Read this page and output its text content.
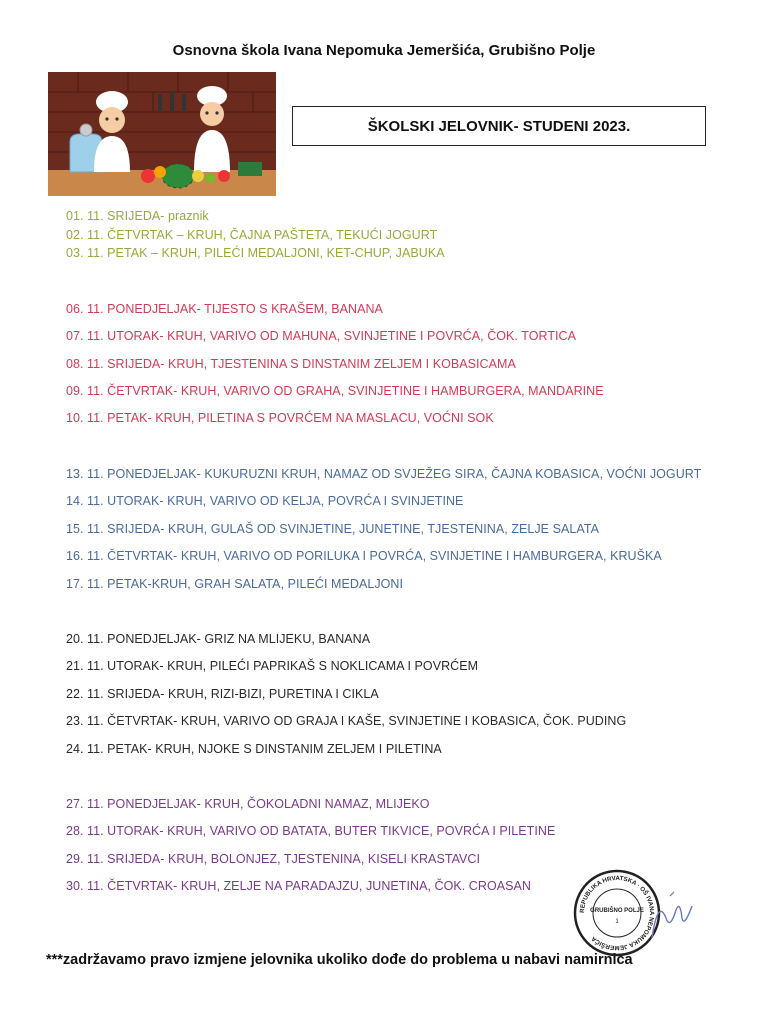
Osnovna škola Ivana Nepomuka Jemeršića, Grubišno Polje
ŠKOLSKI JELOVNIK- STUDENI 2023.
01. 11. SRIJEDA- praznik
02. 11. ČETVRTAK – KRUH, ČAJNA PAŠTETA, TEKUĆI JOGURT
03. 11. PETAK – KRUH, PILEĆI MEDALJONI, KET-CHUP, JABUKA
06. 11. PONEDJELJAK- TIJESTO S KRAŠEM, BANANA
07. 11. UTORAK- KRUH, VARIVO OD MAHUNA, SVINJETINE I POVRĆA, ČOK. TORTICA
08. 11. SRIJEDA- KRUH, TJESTENINA S DINSTANIM ZELJEM I KOBASICAMA
09. 11. ČETVRTAK- KRUH, VARIVO OD GRAHA, SVINJETINE I HAMBURGERA, MANDARINE
10. 11. PETAK- KRUH, PILETINA S POVRĆEM NA MASLACU, VOĆNI SOK
13. 11. PONEDJELJAK- KUKURUZNI KRUH, NAMAZ OD SVJEŽEG SIRA, ČAJNA KOBASICA, VOĆNI JOGURT
14. 11. UTORAK- KRUH, VARIVO OD KELJA, POVRĆA I SVINJETINE
15. 11. SRIJEDA- KRUH, GULAŠ OD SVINJETINE, JUNETINE, TJESTENINA, ZELJE SALATA
16. 11. ČETVRTAK- KRUH, VARIVO OD PORILUKA I POVRĆA, SVINJETINE I HAMBURGERA, KRUŠKA
17. 11. PETAK-KRUH, GRAH SALATA, PILEĆI MEDALJONI
20. 11. PONEDJELJAK- GRIZ NA MLIJEKU, BANANA
21. 11. UTORAK- KRUH, PILEĆI PAPRIKAŠ S NOKLICAMA I POVRĆEM
22. 11. SRIJEDA- KRUH, RIZI-BIZI, PURETINA I CIKLA
23. 11. ČETVRTAK- KRUH, VARIVO OD GRAJA I KAŠE, SVINJETINE I KOBASICA, ČOK. PUDING
24. 11. PETAK- KRUH, NJOKE S DINSTANIM ZELJEM I PILETINA
27. 11. PONEDJELJAK- KRUH, ČOKOLADNI NAMAZ, MLIJEKO
28. 11. UTORAK- KRUH, VARIVO OD BATATA, BUTER TIKVICE, POVRĆA I PILETINE
29. 11. SRIJEDA- KRUH, BOLONJEZ, TJESTENINA, KISELI KRASTAVCI
30. 11. ČETVRTAK- KRUH, ZELJE NA PARADAJZU, JUNETINA, ČOK. CROASAN
REPUBLIKA HRVATSKA · OŠ IVANA NEPOMUKA JEMERŠIĆA
GRUBIŠNO POLJE
1
***zadržavamo pravo izmjene jelovnika ukoliko dođe do problema u nabavi namirnica
